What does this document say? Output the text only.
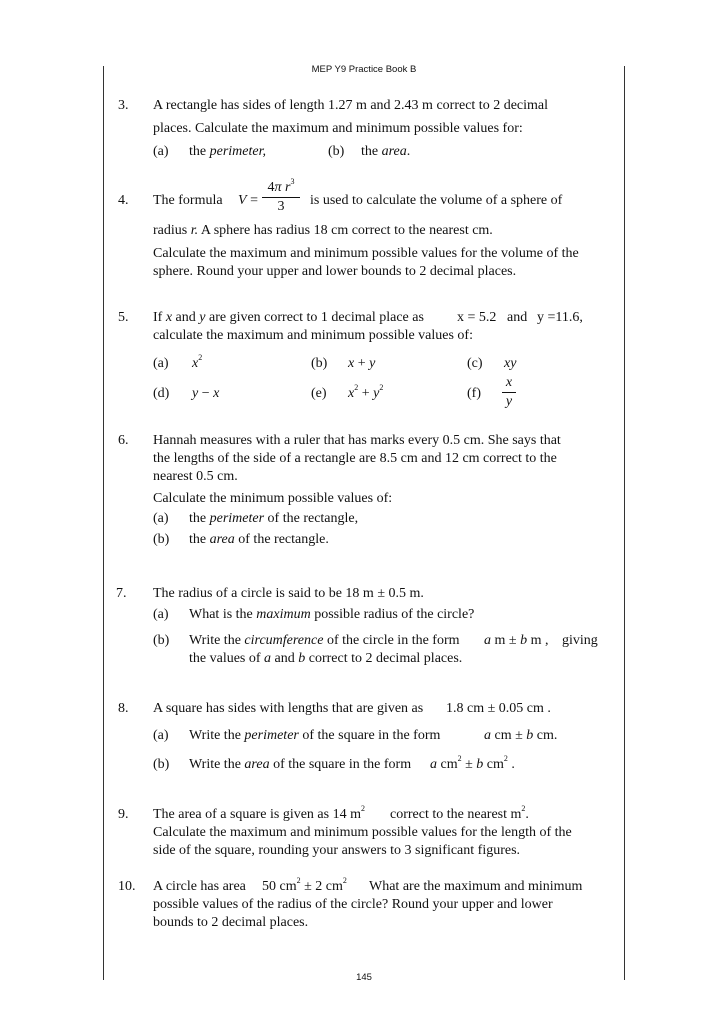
MEP Y9 Practice Book B
3. A rectangle has sides of length 1.27 m and 2.43 m correct to 2 decimal
places. Calculate the maximum and minimum possible values for:
(a) the perimeter,	(b) the area.
4. The formula V =
4π $r^3$
3	is used to calculate the volume of a sphere of
radius r. A sphere has radius 18 cm correct to the nearest cm.
Calculate the maximum and minimum possible values for the volume of the
sphere. Round your upper and lower bounds to 2 decimal places.
5. If x and y are given correct to 1 decimal place as x = 5.2 and y =11.6,
calculate the maximum and minimum possible values of:
(a) $x^2$	(b) x + y	(c) xy
(d) y − x	(e) $x^2 + y^2$	(f)
x
y
6. Hannah measures with a ruler that has marks every 0.5 cm. She says that
the lengths of the side of a rectangle are 8.5 cm and 12 cm correct to the
nearest 0.5 cm.
Calculate the minimum possible values of:
(a) the perimeter of the rectangle,
(b) the area of the rectangle.
7. The radius of a circle is said to be 18 m ± 0.5 m.
(a) What is the maximum possible radius of the circle?
(b) Write the circumference of the circle in the form a m ± b m , giving
the values of a and b correct to 2 decimal places.
8. A square has sides with lengths that are given as 1.8 cm ± 0.05 cm .
(a) Write the perimeter of the square in the form	a cm ± b cm.
(b) Write the area of the square in the form a $cm^2 \pm b$ $cm^2$ .
9. The area of a square is given as 14 $m^2$ correct to the nearest $m^2$.
Calculate the maximum and minimum possible values for the length of the
side of the square, rounding your answers to 3 significant figures.
10. A circle has area 50 $cm^2 \pm 2$ $cm^2$ What are the maximum and minimum
possible values of the radius of the circle? Round your upper and lower
bounds to 2 decimal places.
145
